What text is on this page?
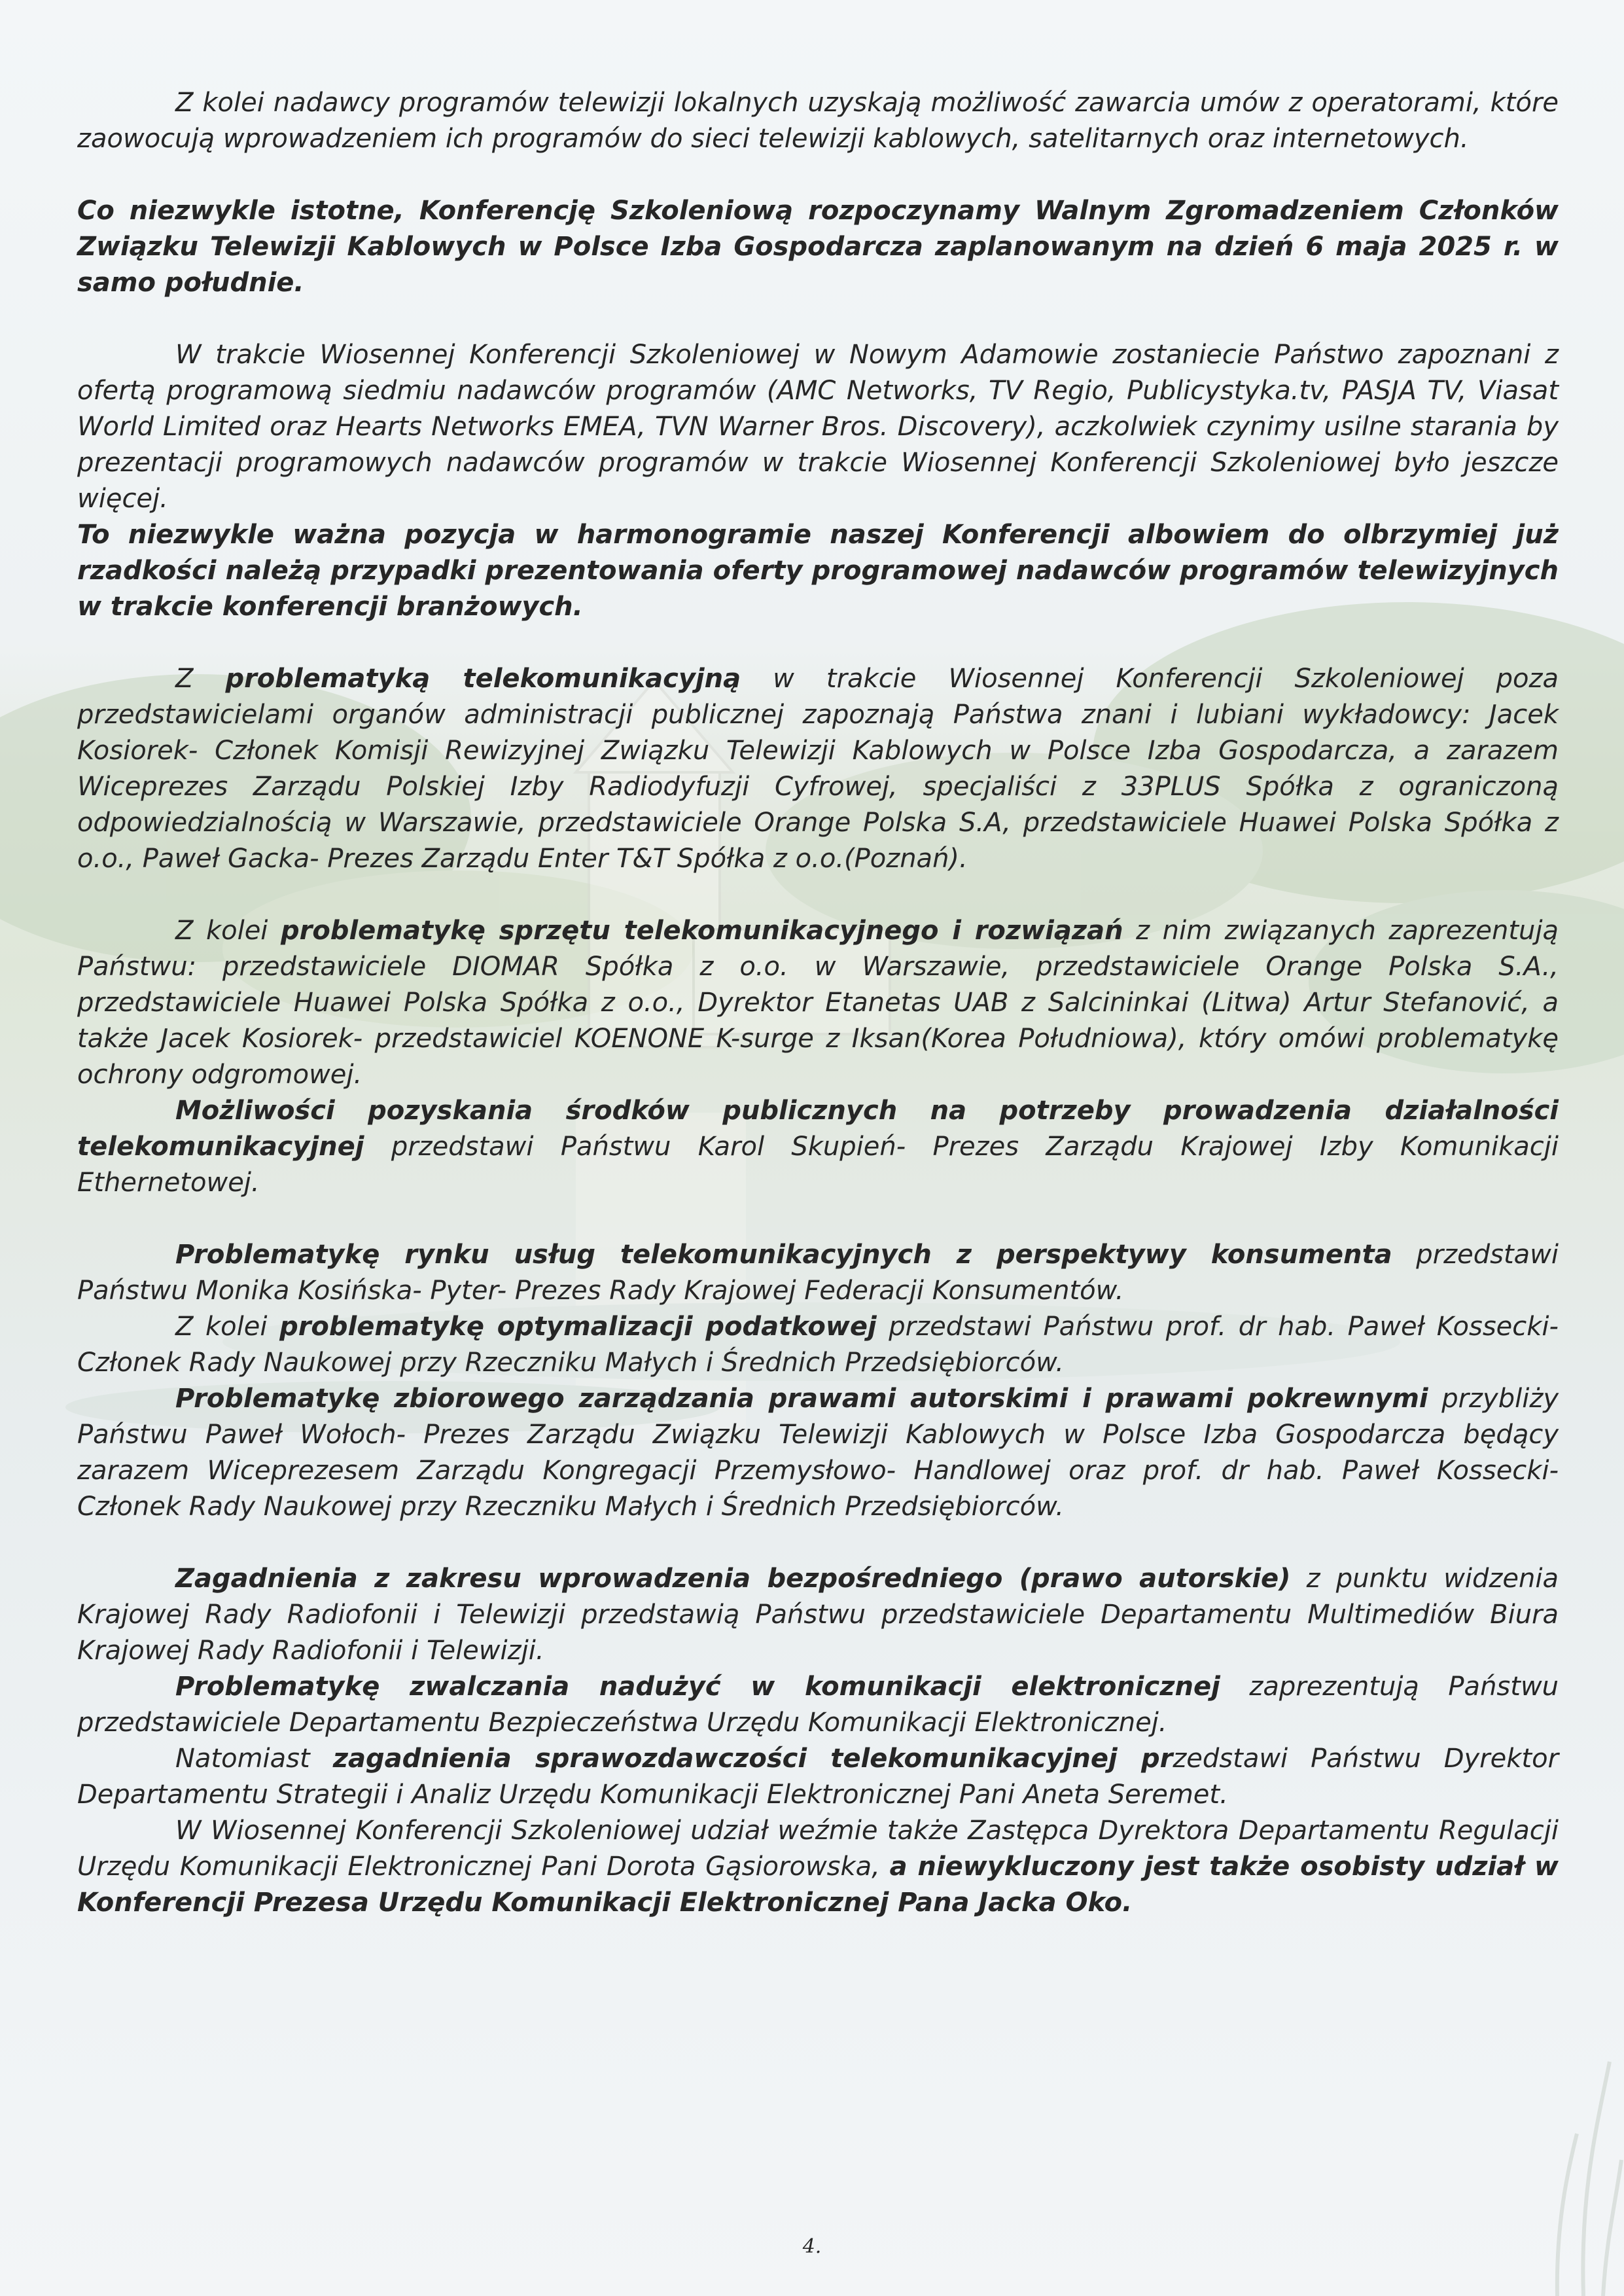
Z kolei nadawcy programów telewizji lokalnych uzyskają możliwość zawarcia umów z operatorami, które zaowocują wprowadzeniem ich programów do sieci telewizji kablowych, satelitarnych oraz internetowych.

Co niezwykle istotne, Konferencję Szkoleniową rozpoczynamy Walnym Zgromadzeniem Członków Związku Telewizji Kablowych w Polsce Izba Gospodarcza zaplanowanym na dzień 6 maja 2025 r. w samo południe.

W trakcie Wiosennej Konferencji Szkoleniowej w Nowym Adamowie zostaniecie Państwo zapoznani z ofertą programową siedmiu nadawców programów (AMC Networks, TV Regio, Publicystyka.tv, PASJA TV, Viasat World Limited oraz Hearts Networks EMEA, TVN Warner Bros. Discovery), aczkolwiek czynimy usilne starania by prezentacji programowych nadawców programów w trakcie Wiosennej Konferencji Szkoleniowej było jeszcze więcej.

To niezwykle ważna pozycja w harmonogramie naszej Konferencji albowiem do olbrzymiej już rzadkości należą przypadki prezentowania oferty programowej nadawców programów telewizyjnych w trakcie konferencji branżowych.

Z problematyką telekomunikacyjną w trakcie Wiosennej Konferencji Szkoleniowej poza przedstawicielami organów administracji publicznej zapoznają Państwa znani i lubiani wykładowcy: Jacek Kosiorek- Członek Komisji Rewizyjnej Związku Telewizji Kablowych w Polsce Izba Gospodarcza, a zarazem Wiceprezes Zarządu Polskiej Izby Radiodyfuzji Cyfrowej, specjaliści z 33PLUS Spółka z ograniczoną odpowiedzialnością w Warszawie, przedstawiciele Orange Polska S.A, przedstawiciele Huawei Polska Spółka z o.o., Paweł Gacka- Prezes Zarządu Enter T&T Spółka z o.o.(Poznań).

Z kolei problematykę sprzętu telekomunikacyjnego i rozwiązań z nim związanych zaprezentują Państwu: przedstawiciele DIOMAR Spółka z o.o. w Warszawie, przedstawiciele Orange Polska S.A., przedstawiciele Huawei Polska Spółka z o.o., Dyrektor Etanetas UAB z Salcininkai (Litwa) Artur Stefanović, a także Jacek Kosiorek- przedstawiciel KOENONE K-surge z Iksan(Korea Południowa), który omówi problematykę ochrony odgromowej.

Możliwości pozyskania środków publicznych na potrzeby prowadzenia działalności telekomunikacyjnej przedstawi Państwu Karol Skupień- Prezes Zarządu Krajowej Izby Komunikacji Ethernetowej.

Problematykę rynku usług telekomunikacyjnych z perspektywy konsumenta przedstawi Państwu Monika Kosińska- Pyter- Prezes Rady Krajowej Federacji Konsumentów.

Z kolei problematykę optymalizacji podatkowej przedstawi Państwu prof. dr hab. Paweł Kossecki- Członek Rady Naukowej przy Rzeczniku Małych i Średnich Przedsiębiorców.

Problematykę zbiorowego zarządzania prawami autorskimi i prawami pokrewnymi przybliży Państwu Paweł Wołoch- Prezes Zarządu Związku Telewizji Kablowych w Polsce Izba Gospodarcza będący zarazem Wiceprezesem Zarządu Kongregacji Przemysłowo- Handlowej oraz prof. dr hab. Paweł Kossecki- Członek Rady Naukowej przy Rzeczniku Małych i Średnich Przedsiębiorców.

Zagadnienia z zakresu wprowadzenia bezpośredniego (prawo autorskie) z punktu widzenia Krajowej Rady Radiofonii i Telewizji przedstawią Państwu przedstawiciele Departamentu Multimediów Biura Krajowej Rady Radiofonii i Telewizji.

Problematykę zwalczania nadużyć w komunikacji elektronicznej zaprezentują Państwu przedstawiciele Departamentu Bezpieczeństwa Urzędu Komunikacji Elektronicznej.

Natomiast zagadnienia sprawozdawczości telekomunikacyjnej przedstawi Państwu Dyrektor Departamentu Strategii i Analiz Urzędu Komunikacji Elektronicznej Pani Aneta Seremet.

W Wiosennej Konferencji Szkoleniowej udział weźmie także Zastępca Dyrektora Departamentu Regulacji Urzędu Komunikacji Elektronicznej Pani Dorota Gąsiorowska, a niewykluczony jest także osobisty udział w Konferencji Prezesa Urzędu Komunikacji Elektronicznej Pana Jacka Oko.

4.
